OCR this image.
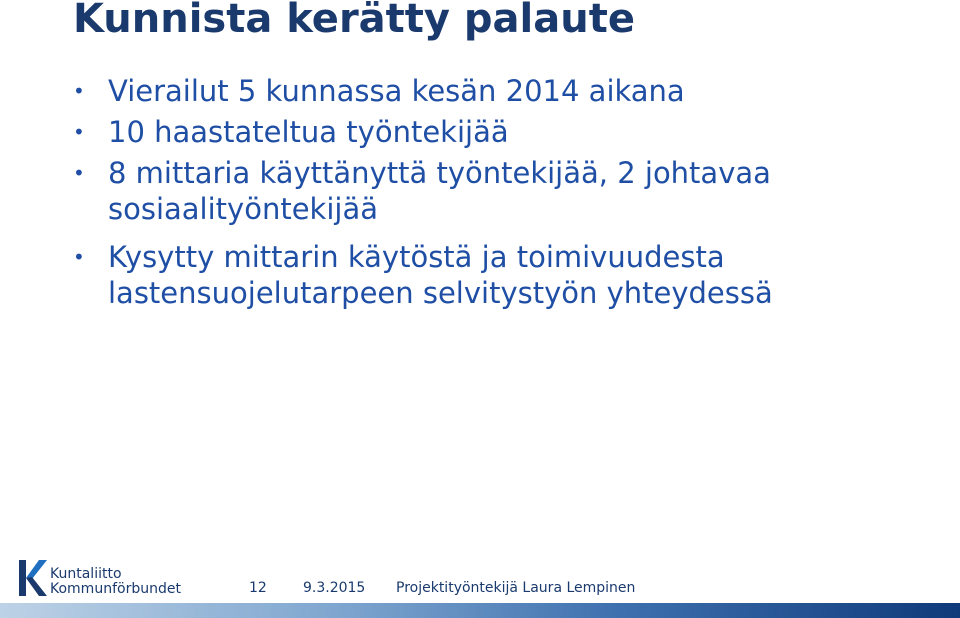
Kunnista kerätty palaute
• Vierailut 5 kunnassa kesän 2014 aikana
• 10 haastateltua työntekijää
• 8 mittaria käyttänyttä työntekijää, 2 johtavaa sosiaalityöntekijää
• Kysytty mittarin käytöstä ja toimivuudesta lastensuojelutarpeen selvitystyön yhteydessä
Kuntaliitto
Kommunförbundet	12	9.3.2015 Projektityöntekijä Laura Lempinen
